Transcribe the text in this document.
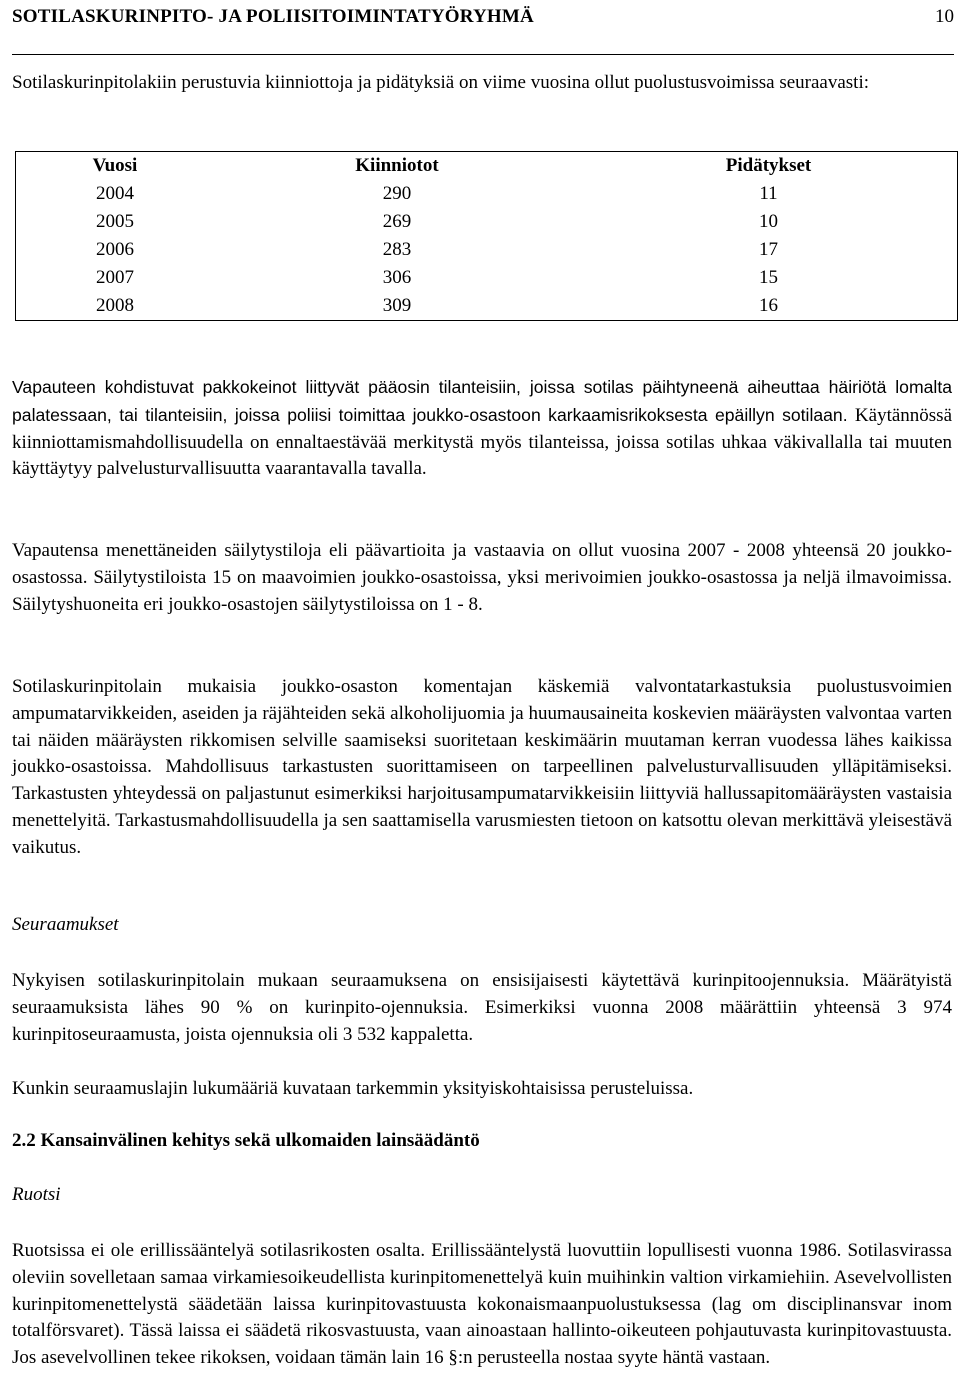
SOTILASKURINPITO- JA POLIISITOIMINTATYÖRYHMÄ	10
Sotilaskurinpitolakiin perustuvia kiinniottoja ja pidätyksiä on viime vuosina ollut puolustusvoimissa seuraavasti:
Vuosi	Kiinniotot	Pidätykset
2004	290	11
2005	269	10
2006	283	17
2007	306	15
2008	309	16
Vapauteen kohdistuvat pakkokeinot liittyvät pääosin tilanteisiin, joissa sotilas päihtyneenä aiheuttaa häiriötä lomalta palatessaan, tai tilanteisiin, joissa poliisi toimittaa joukko-osastoon karkaamisrikoksesta epäillyn sotilaan. Käytännössä kiinniottamismahdollisuudella on ennaltaestävää merkitystä myös tilanteissa, joissa sotilas uhkaa väkivallalla tai muuten käyttäytyy palvelusturvallisuutta vaarantavalla tavalla.
Vapautensa menettäneiden säilytystiloja eli päävartioita ja vastaavia on ollut vuosina 2007 - 2008 yhteensä 20 joukko-osastossa. Säilytystiloista 15 on maavoimien joukko-osastoissa, yksi merivoimien joukko-osastossa ja neljä ilmavoimissa. Säilytyshuoneita eri joukko-osastojen säilytystiloissa on 1 - 8.
Sotilaskurinpitolain mukaisia joukko-osaston komentajan käskemiä valvontatarkastuksia puolustusvoimien ampumatarvikkeiden, aseiden ja räjähteiden sekä alkoholijuomia ja huumausaineita koskevien määräysten valvontaa varten tai näiden määräysten rikkomisen selville saamiseksi suoritetaan keskimäärin muutaman kerran vuodessa lähes kaikissa joukko-osastoissa. Mahdollisuus tarkastusten suorittamiseen on tarpeellinen palvelusturvallisuuden ylläpitämiseksi. Tarkastusten yhteydessä on paljastunut esimerkiksi harjoitusampumatarvikkeisiin liittyviä hallussapitomääräysten vastaisia menettelyitä. Tarkastusmahdollisuudella ja sen saattamisella varusmiesten tietoon on katsottu olevan merkittävä yleisestävä vaikutus.
Seuraamukset
Nykyisen sotilaskurinpitolain mukaan seuraamuksena on ensisijaisesti käytettävä kurinpitoojennuksia. Määrätyistä seuraamuksista lähes 90 % on kurinpito-ojennuksia. Esimerkiksi vuonna 2008 määrättiin yhteensä 3 974 kurinpitoseuraamusta, joista ojennuksia oli 3 532 kappaletta.
Kunkin seuraamuslajin lukumääriä kuvataan tarkemmin yksityiskohtaisissa perusteluissa.
2.2 Kansainvälinen kehitys sekä ulkomaiden lainsäädäntö
Ruotsi
Ruotsissa ei ole erillissääntelyä sotilasrikosten osalta. Erillissääntelystä luovuttiin lopullisesti vuonna 1986. Sotilasvirassa oleviin sovelletaan samaa virkamiesoikeudellista kurinpitomenettelyä kuin muihinkin valtion virkamiehiin. Asevelvollisten kurinpitomenettelystä säädetään laissa kurinpitovastuusta kokonaismaanpuolustuksessa (lag om disciplinansvar inom totalförsvaret). Tässä laissa ei säädetä rikosvastuusta, vaan ainoastaan hallinto-oikeuteen pohjautuvasta kurinpitovastuusta. Jos asevelvollinen tekee rikoksen, voidaan tämän lain 16 §:n perusteella nostaa syyte häntä vastaan.
